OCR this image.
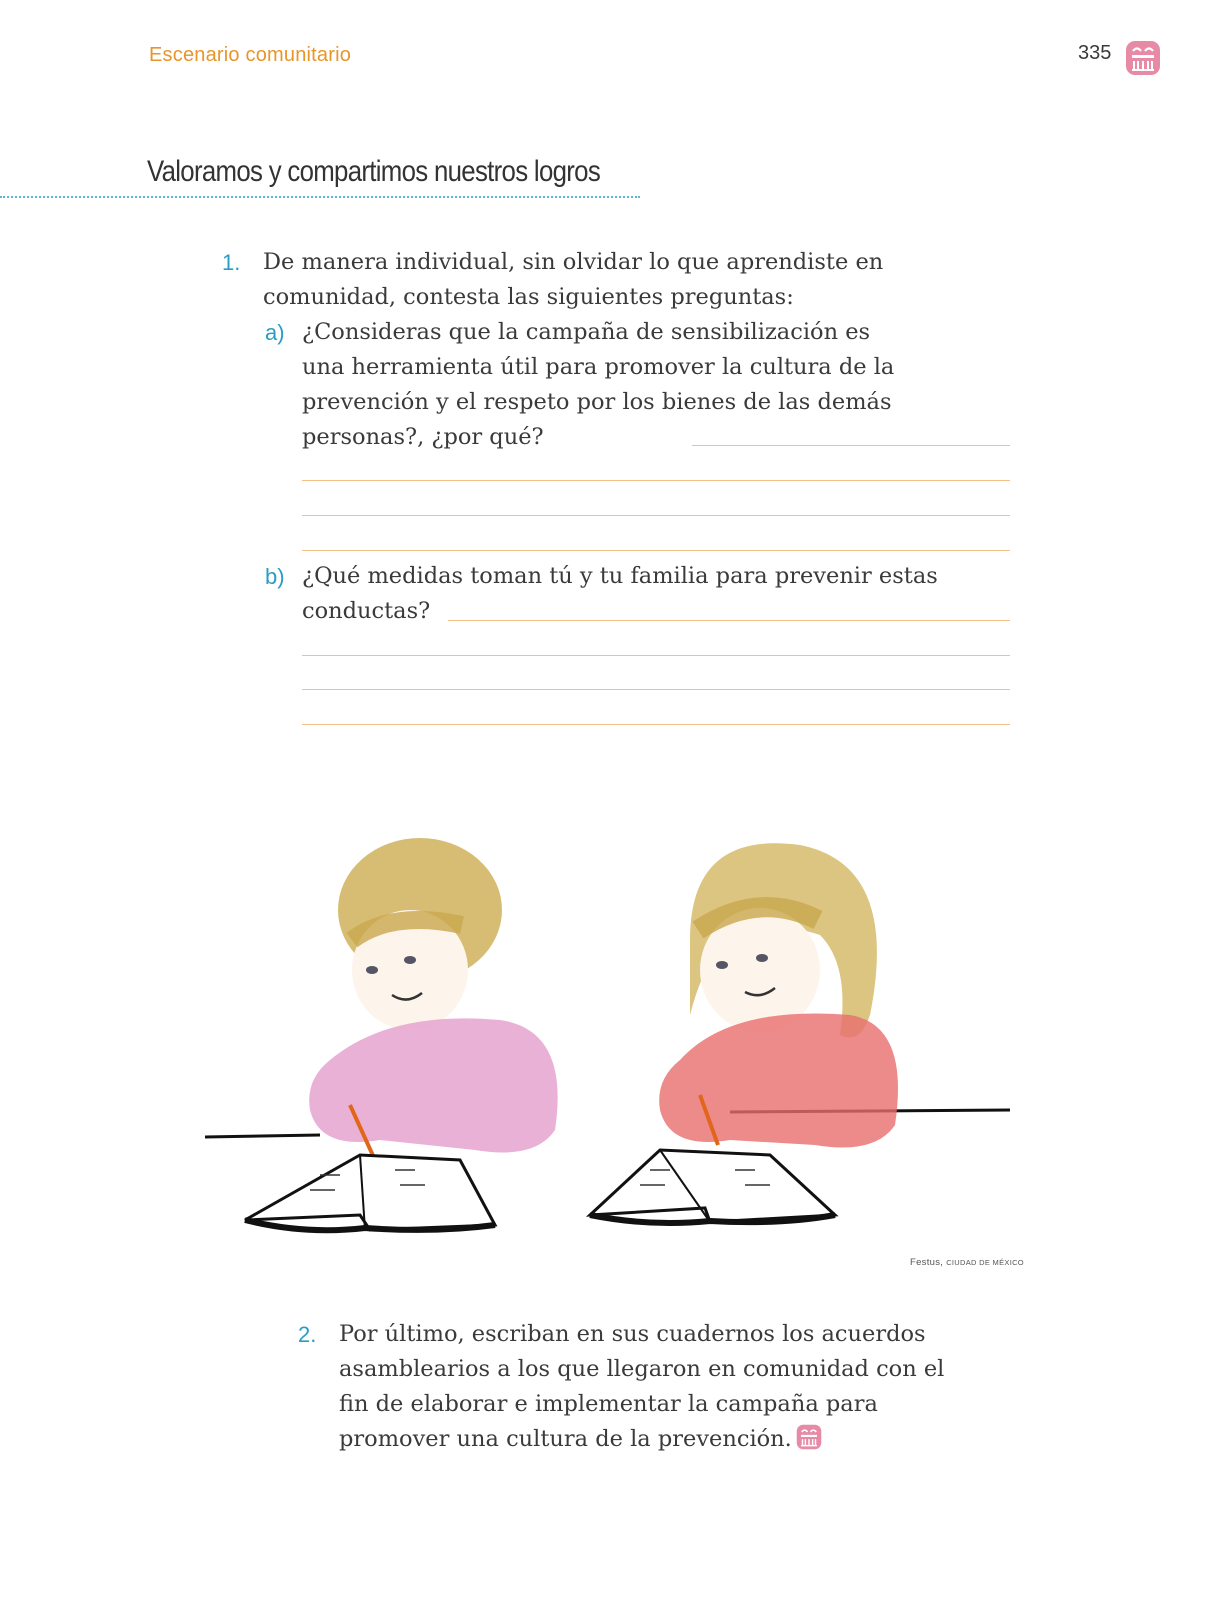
Escenario comunitario	335
Valoramos y compartimos nuestros logros
1. De manera individual, sin olvidar lo que aprendiste en comunidad, contesta las siguientes preguntas:
a) ¿Consideras que la campaña de sensibilización es una herramienta útil para promover la cultura de la prevención y el respeto por los bienes de las demás personas?, ¿por qué?
b) ¿Qué medidas toman tú y tu familia para prevenir estas conductas?
Festus, CIUDAD DE MÉXICO
2. Por último, escriban en sus cuadernos los acuerdos asamblearios a los que llegaron en comunidad con el fin de elaborar e implementar la campaña para promover una cultura de la prevención.
